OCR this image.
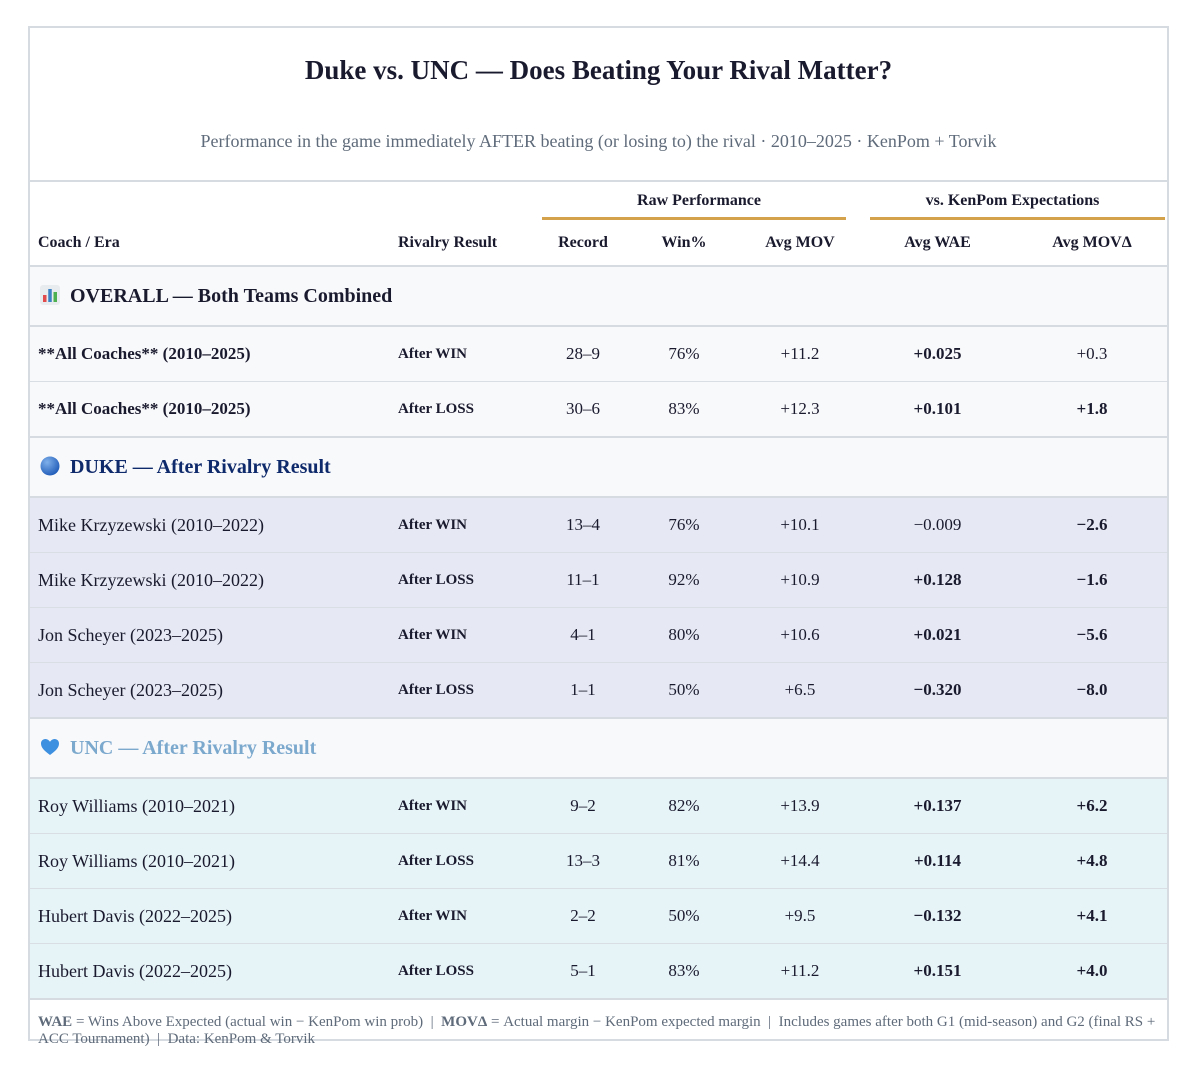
Duke vs. UNC — Does Beating Your Rival Matter?
Performance in the game immediately AFTER beating (or losing to) the rival · 2010–2025 · KenPom + Torvik
		Raw Performance			vs. KenPom Expectations	

Coach / Era	Rivalry Result	Record	Win%	Avg MOV	Avg WAE	Avg MOVΔ
OVERALL — Both Teams Combined						
**All Coaches** (2010–2025)	After WIN	28–9	76%	+11.2	+0.025	+0.3
**All Coaches** (2010–2025)	After LOSS	30–6	83%	+12.3	+0.101	+1.8
DUKE — After Rivalry Result						
Mike Krzyzewski (2010–2022)	After WIN	13–4	76%	+10.1	−0.009	−2.6
Mike Krzyzewski (2010–2022)	After LOSS	11–1	92%	+10.9	+0.128	−1.6
Jon Scheyer (2023–2025)	After WIN	4–1	80%	+10.6	+0.021	−5.6
Jon Scheyer (2023–2025)	After LOSS	1–1	50%	+6.5	−0.320	−8.0
UNC — After Rivalry Result						
Roy Williams (2010–2021)	After WIN	9–2	82%	+13.9	+0.137	+6.2
Roy Williams (2010–2021)	After LOSS	13–3	81%	+14.4	+0.114	+4.8
Hubert Davis (2022–2025)	After WIN	2–2	50%	+9.5	−0.132	+4.1
Hubert Davis (2022–2025)	After LOSS	5–1	83%	+11.2	+0.151	+4.0
WAE = Wins Above Expected (actual win − KenPom win prob)  |  MOVΔ = Actual margin − KenPom expected margin  |  Includes games after both G1 (mid-season) and G2 (final RS + ACC Tournament)  |  Data: KenPom & Torvik
